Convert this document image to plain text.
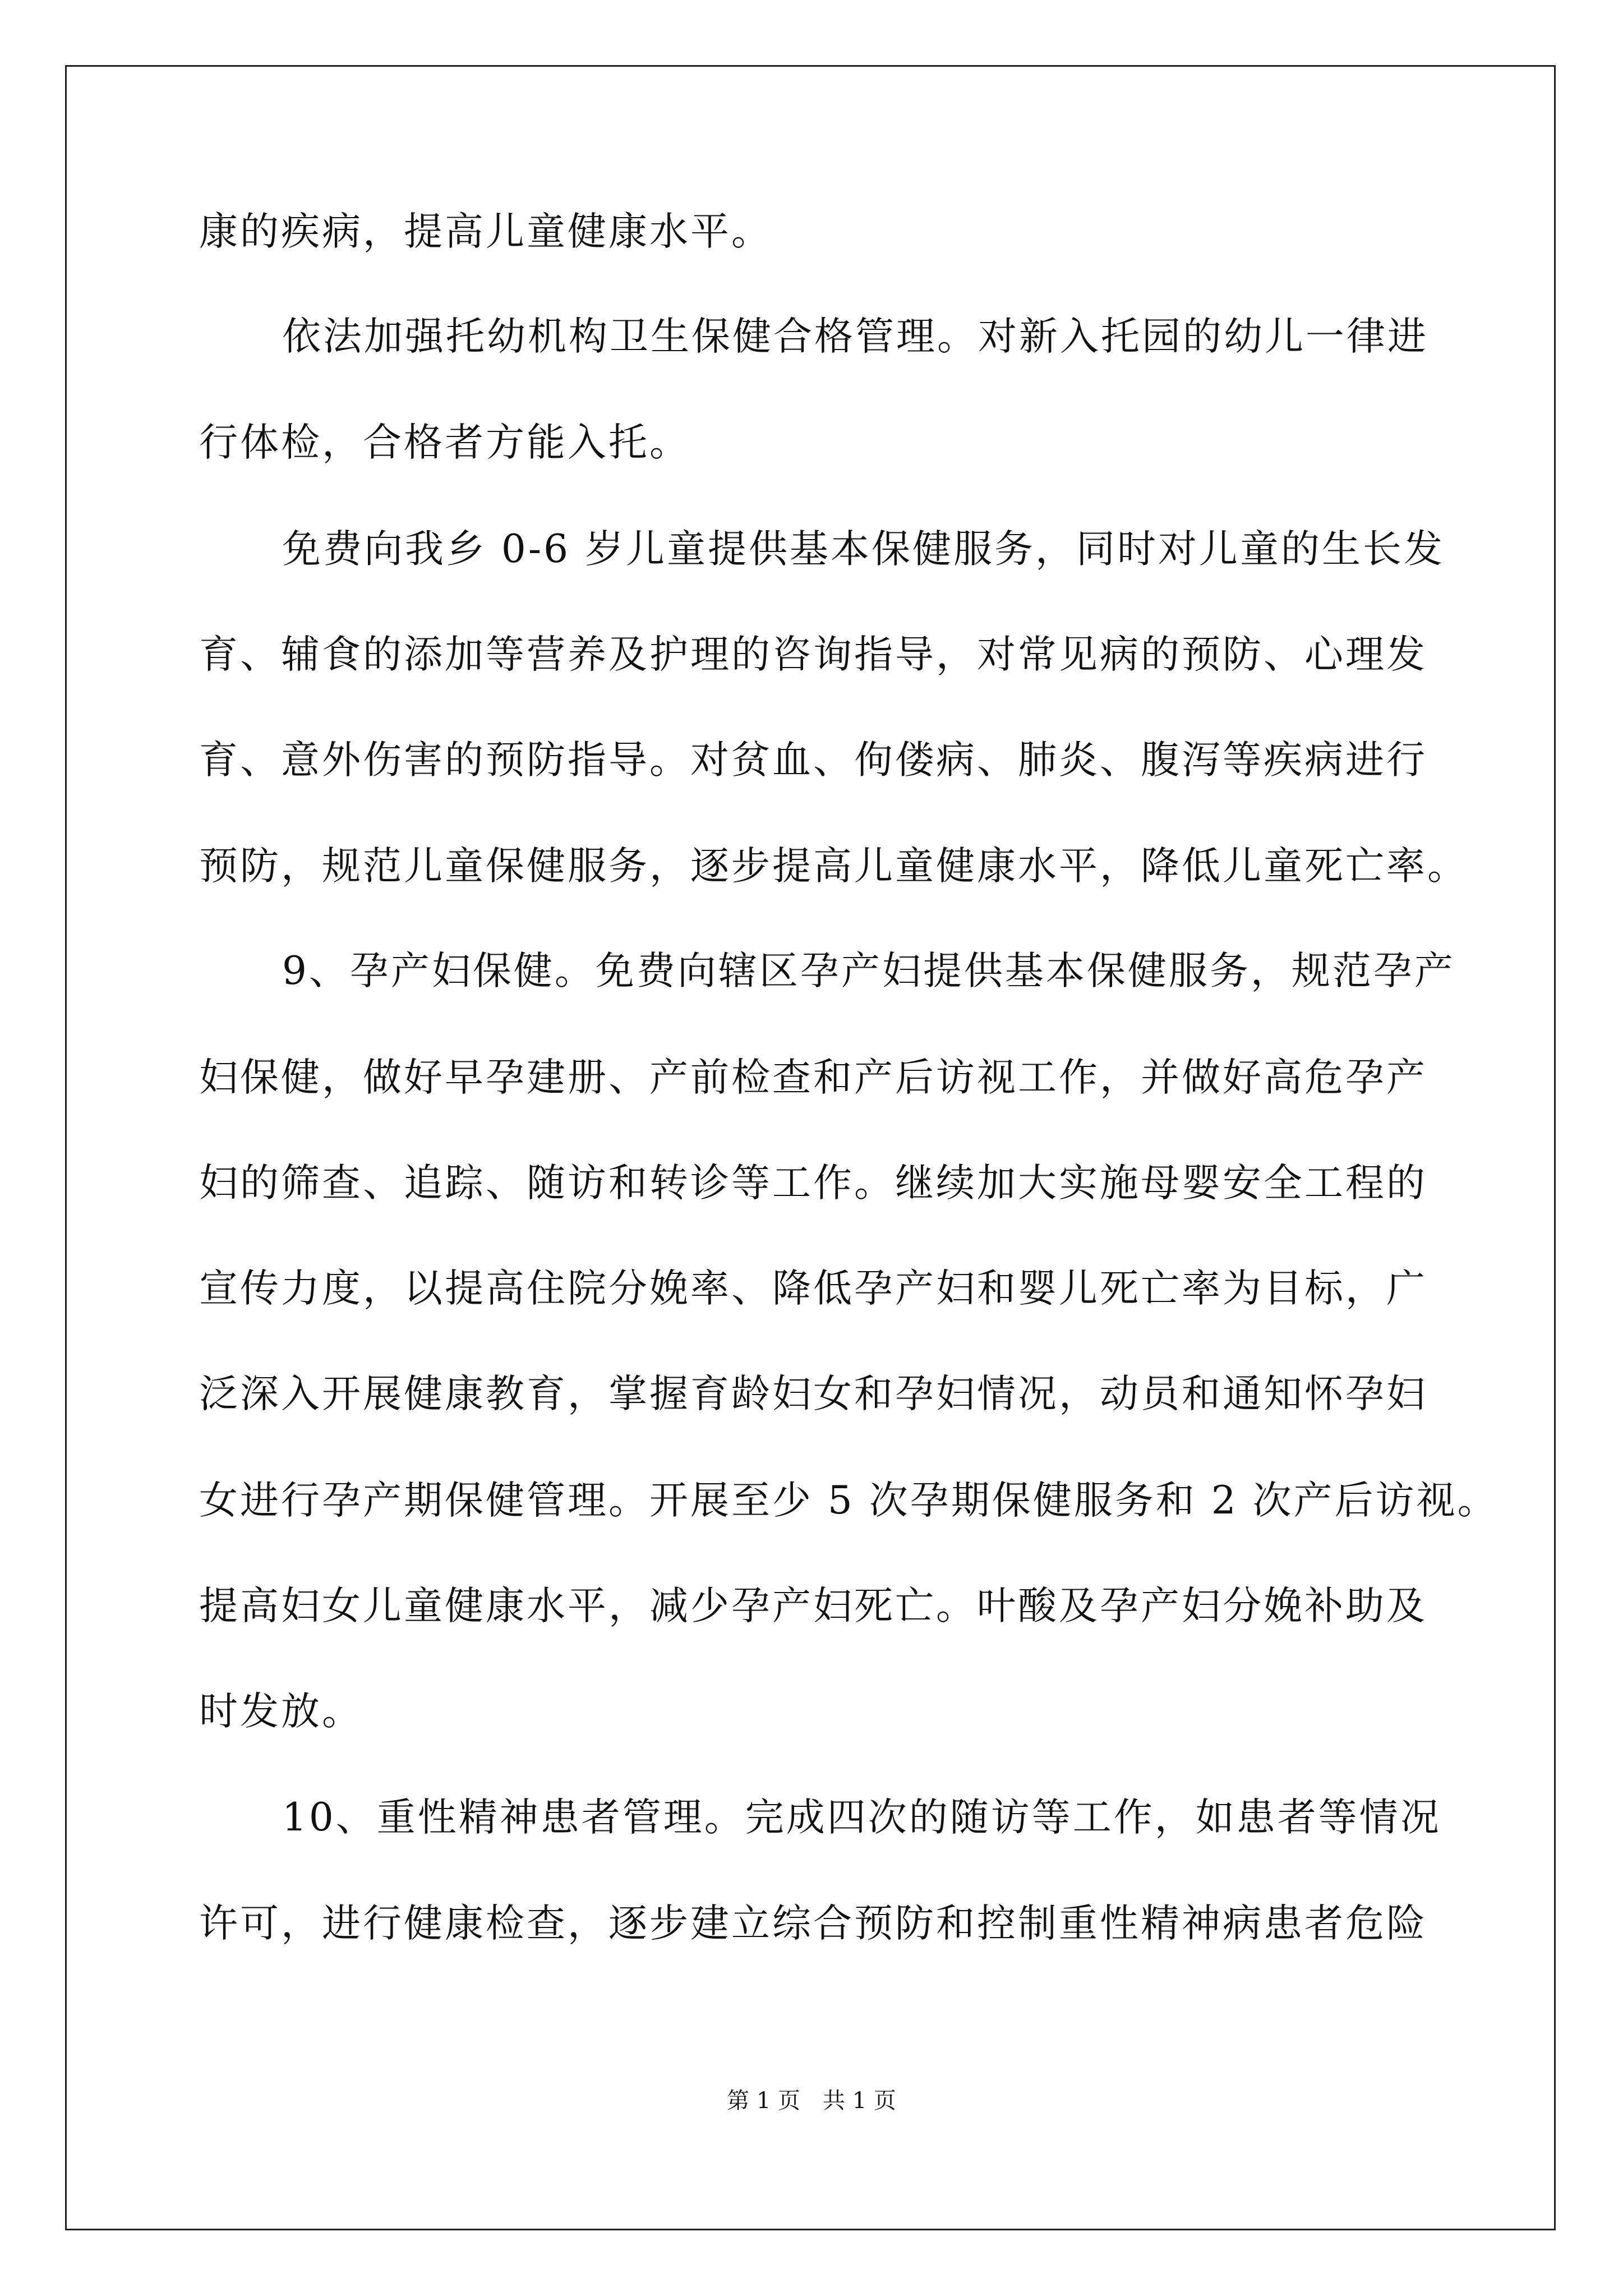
康的疾病，提高儿童健康水平。
依法加强托幼机构卫生保健合格管理。对新入托园的幼儿一律进
行体检，合格者方能入托。
免费向我乡 0-6 岁儿童提供基本保健服务，同时对儿童的生长发
育、辅食的添加等营养及护理的咨询指导，对常见病的预防、心理发
育、意外伤害的预防指导。对贫血、佝偻病、肺炎、腹泻等疾病进行
预防，规范儿童保健服务，逐步提高儿童健康水平，降低儿童死亡率。
9、孕产妇保健。免费向辖区孕产妇提供基本保健服务，规范孕产
妇保健，做好早孕建册、产前检查和产后访视工作，并做好高危孕产
妇的筛查、追踪、随访和转诊等工作。继续加大实施母婴安全工程的
宣传力度，以提高住院分娩率、降低孕产妇和婴儿死亡率为目标，广
泛深入开展健康教育，掌握育龄妇女和孕妇情况，动员和通知怀孕妇
女进行孕产期保健管理。开展至少 5 次孕期保健服务和 2 次产后访视。
提高妇女儿童健康水平，减少孕产妇死亡。叶酸及孕产妇分娩补助及
时发放。
10、重性精神患者管理。完成四次的随访等工作，如患者等情况
许可，进行健康检查，逐步建立综合预防和控制重性精神病患者危险
第 1 页　共 1 页
